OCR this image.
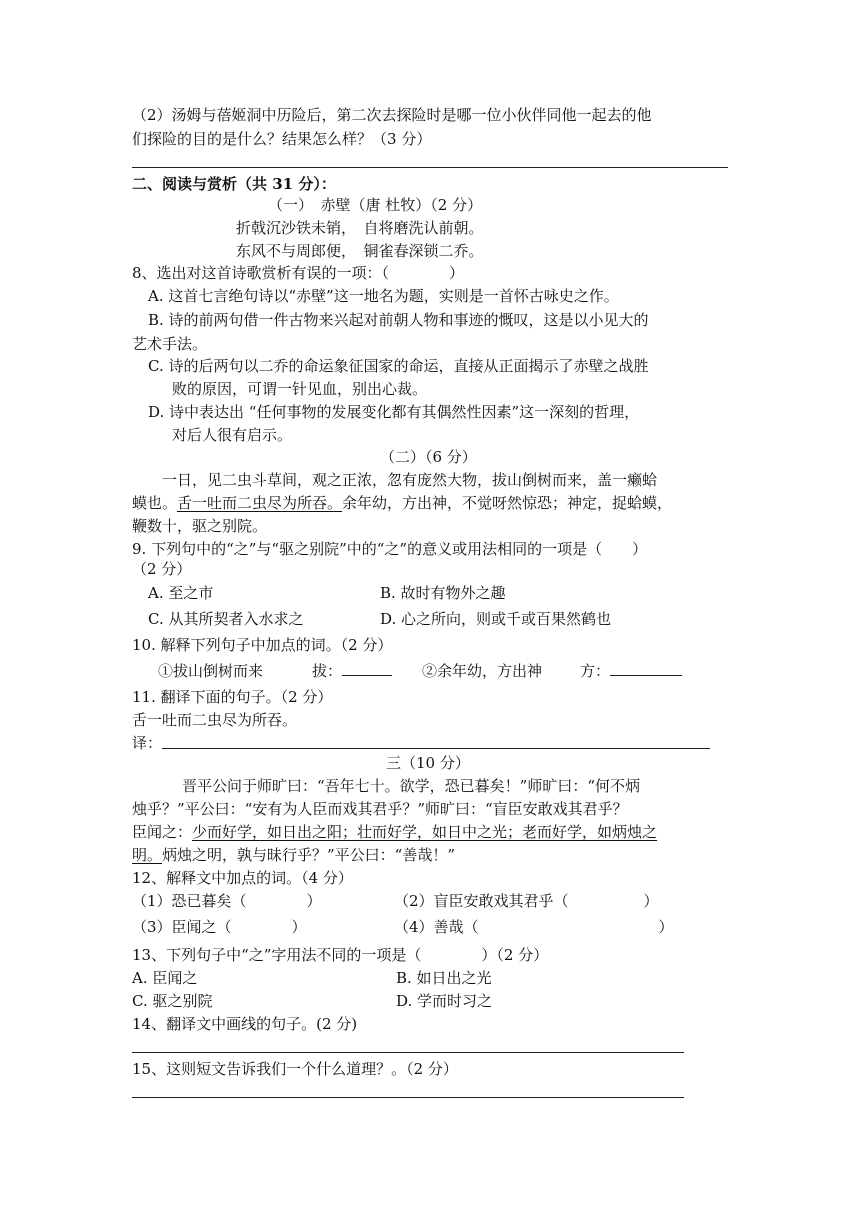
（2）汤姆与蓓姬洞中历险后，第二次去探险时是哪一位小伙伴同他一起去的他
们探险的目的是什么？结果怎么样？（3 分）
二、阅读与赏析（共 31 分）：
（一）　赤壁（唐 杜牧）（2 分）
折戟沉沙铁未销，　自将磨洗认前朝。
东风不与周郎便，　铜雀春深锁二乔。
8、选出对这首诗歌赏析有误的一项：（　　　　）
A. 这首七言绝句诗以“赤壁”这一地名为题，实则是一首怀古咏史之作。
B. 诗的前两句借一件古物来兴起对前朝人物和事迹的慨叹，这是以小见大的
艺术手法。
C. 诗的后两句以二乔的命运象征国家的命运，直接从正面揭示了赤壁之战胜
败的原因，可谓一针见血，别出心裁。
D. 诗中表达出 “任何事物的发展变化都有其偶然性因素”这一深刻的哲理，
对后人很有启示。
（二）（6 分）
一日，见二虫斗草间，观之正浓，忽有庞然大物，拔山倒树而来，盖一癞蛤
蟆也。舌一吐而二虫尽为所吞。余年幼，方出神，不觉呀然惊恐；神定，捉蛤蟆，
鞭数十，驱之别院。
9. 下列句中的“之”与“驱之别院”中的“之”的意义或用法相同的一项是（　　）
（2 分）
A. 至之市	B. 故时有物外之趣
C. 从其所契者入水求之	D. 心之所向，则或千或百果然鹤也
10. 解释下列句子中加点的词。（2 分）
①拔山倒树而来	拔：	②余年幼，方出神	方：
11. 翻译下面的句子。（2 分）
舌一吐而二虫尽为所吞。
译：
三（10 分）
晋平公问于师旷曰：“吾年七十。欲学，恐已暮矣！”师旷曰：“何不炳
烛乎？”平公曰：“安有为人臣而戏其君乎？”师旷曰：“盲臣安敢戏其君乎？
臣闻之：少而好学，如日出之阳；壮而好学，如日中之光；老而好学，如炳烛之
明。炳烛之明，孰与昧行乎？”平公曰：“善哉！”
12、解释文中加点的词。（4 分）
（1）恐已暮矣（　　　　）	（2）盲臣安敢戏其君乎（　　　　　）
（3）臣闻之（　　　　）	（4）善哉（　　　　　　　　　　　　）
13、下列句子中“之”字用法不同的一项是（　　　　）（2 分）
A. 臣闻之	B. 如日出之光
C. 驱之别院	D. 学而时习之
14、翻译文中画线的句子。(2 分)
15、这则短文告诉我们一个什么道理？。（2 分）
